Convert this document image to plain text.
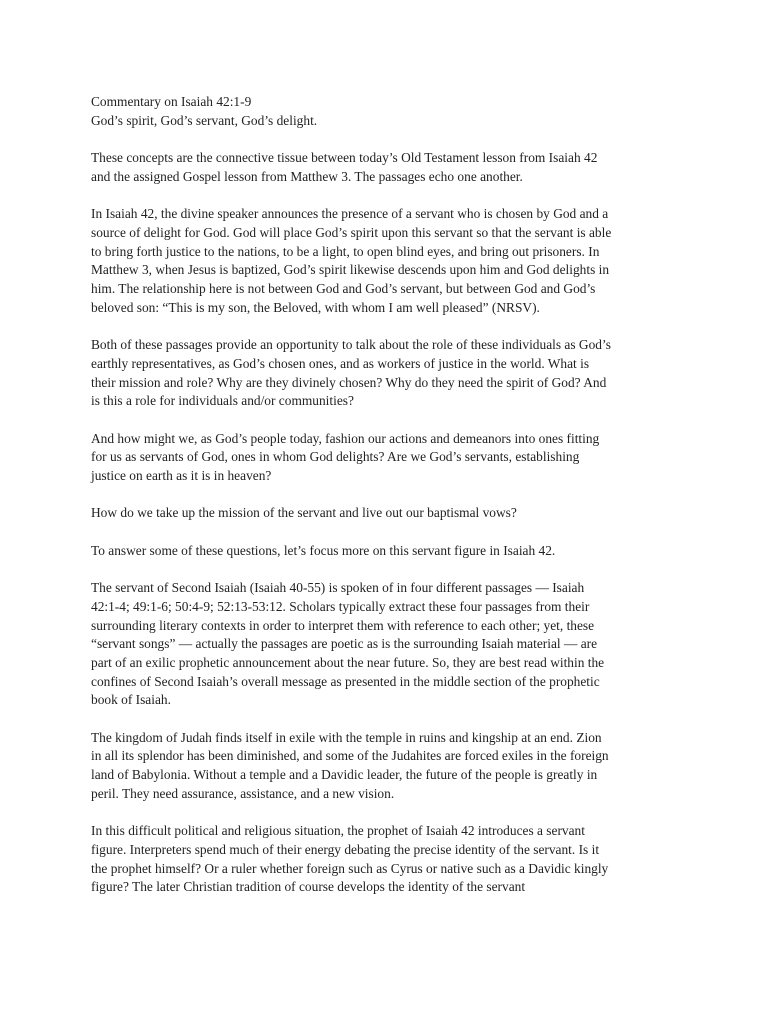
Commentary on Isaiah 42:1-9
God’s spirit, God’s servant, God’s delight.
These concepts are the connective tissue between today’s Old Testament lesson from Isaiah 42
and the assigned Gospel lesson from Matthew 3. The passages echo one another.
In Isaiah 42, the divine speaker announces the presence of a servant who is chosen by God and a
source of delight for God. God will place God’s spirit upon this servant so that the servant is able
to bring forth justice to the nations, to be a light, to open blind eyes, and bring out prisoners. In
Matthew 3, when Jesus is baptized, God’s spirit likewise descends upon him and God delights in
him. The relationship here is not between God and God’s servant, but between God and God’s
beloved son: “This is my son, the Beloved, with whom I am well pleased” (NRSV).
Both of these passages provide an opportunity to talk about the role of these individuals as God’s
earthly representatives, as God’s chosen ones, and as workers of justice in the world. What is
their mission and role? Why are they divinely chosen? Why do they need the spirit of God? And
is this a role for individuals and/or communities?
And how might we, as God’s people today, fashion our actions and demeanors into ones fitting
for us as servants of God, ones in whom God delights? Are we God’s servants, establishing
justice on earth as it is in heaven?
How do we take up the mission of the servant and live out our baptismal vows?
To answer some of these questions, let’s focus more on this servant figure in Isaiah 42.
The servant of Second Isaiah (Isaiah 40-55) is spoken of in four different passages — Isaiah
42:1-4; 49:1-6; 50:4-9; 52:13-53:12. Scholars typically extract these four passages from their
surrounding literary contexts in order to interpret them with reference to each other; yet, these
“servant songs” — actually the passages are poetic as is the surrounding Isaiah material — are
part of an exilic prophetic announcement about the near future. So, they are best read within the
confines of Second Isaiah’s overall message as presented in the middle section of the prophetic
book of Isaiah.
The kingdom of Judah finds itself in exile with the temple in ruins and kingship at an end. Zion
in all its splendor has been diminished, and some of the Judahites are forced exiles in the foreign
land of Babylonia. Without a temple and a Davidic leader, the future of the people is greatly in
peril. They need assurance, assistance, and a new vision.
In this difficult political and religious situation, the prophet of Isaiah 42 introduces a servant
figure. Interpreters spend much of their energy debating the precise identity of the servant. Is it
the prophet himself? Or a ruler whether foreign such as Cyrus or native such as a Davidic kingly
figure? The later Christian tradition of course develops the identity of the servant
